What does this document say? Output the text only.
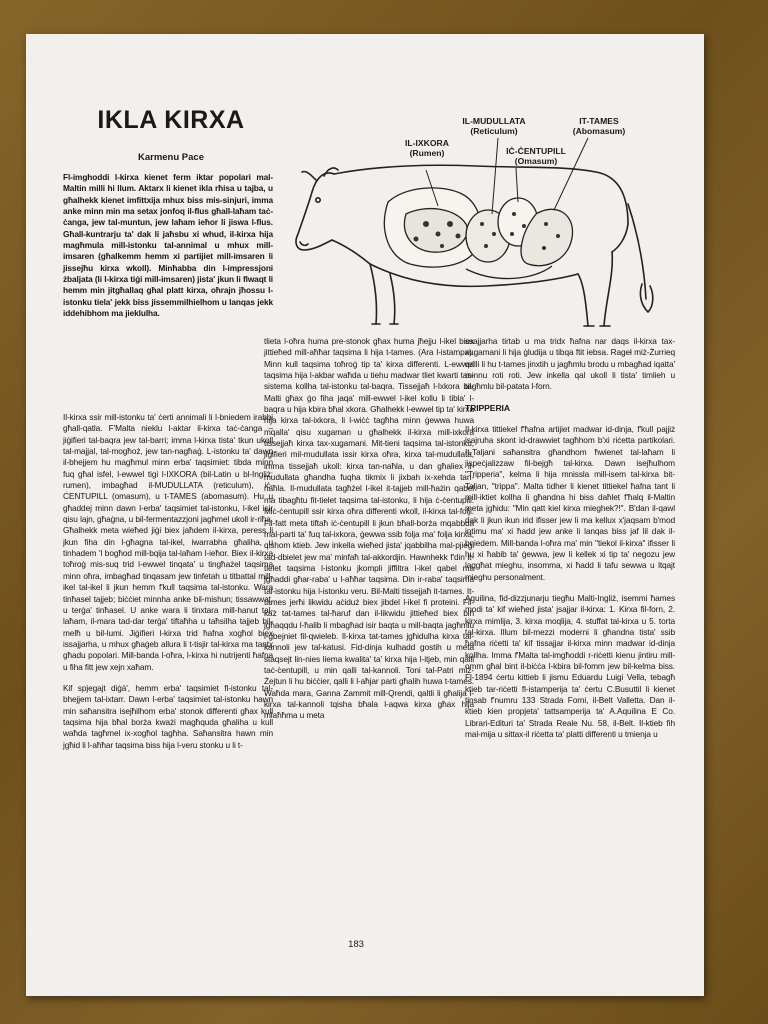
IKLA KIRXA
Karmenu Pace
Fl-imghoddi l-kirxa kienet ferm iktar popolari mal-Maltin milli hi llum. Aktarx li kienet ikla rħisa u tajba, u għalhekk kienet imfittxija mhux biss mis-sinjuri, imma anke minn min ma setax jonfoq il-flus għall-laħam taċ-ċanga, jew tal-muntun, jew laħam ieħor li jiswa l-flus. Għall-kuntrarju ta' dak li jaħsbu xi whud, il-kirxa hija magħmula mill-istonku tal-annimal u mhux mill-imsaren (għalkemm hemm xi partijiet mill-imsaren li jissejħu kirxa wkoll). Minħabba din l-impressjoni żbaljata (li l-kirxa tiġi mill-imsaren) jista' jkun li flwaqt li hemm min jitgħallaq għal platt kirxa, oħrajn jħossu l-istonku tiela' jekk biss jissemmilhielhom u lanqas jekk iddehibhom ma jieklulha.

Il-kirxa ssir mill-istonku ta' ċerti annimali li l-bniedem irabbi għall-qatla. F'Malta nieklu l-aktar il-kirxa taċ-ċanga – jiġifieri tal-baqra jew tal-barri; imma l-kirxa tista' tkun ukoll tal-majjal, tal-mogħoż, jew tan-nagħaġ. L-istonku ta' dawn il-bhejjem hu magħmul minn erba' taqsimiet: tibda minn fuq għal isfel, l-ewwel tigi l-IXKORA (bil-Latin u bl-Ingliż: rumen), imbagħad il-MUDULLATA (reticulum), iċ-ĊENTUPILL (omasum), u t-TAMES (abomasum). Hu u għaddej minn dawn l-erba' taqsimiet tal-istonku, l-ikel isir qisu lajn, għaġna, u bil-fermentazzjoni jagħmel ukoll ir-riħa. Għalhekk meta wieħed jiġi biex jaħdem il-kirxa, peress li jkun fiha din l-għagna tal-ikel, iwarrabha għaliha, u tinhadem 'l bogħod mill-bqija tal-laħam l-ieħor. Biex il-kirxa toħroġ mis-suq trid l-ewwel tinqata' u tingħażel taqsima minn oħra, imbagħad tinqasam jew tinfetah u titbattal mill-ikel tal-ikel li jkun hemm f'kull taqsima tal-istonku. Wara tinħasel tajjeb; biċċiet minnha anke bil-mishun; tissawwat, u terġa' tinħasel. U anke wara li tinxtara mill-hanut tal-laħam, il-mara tad-dar terġa' tiftaħha u taħsilha tajjeb bil-melħ u bil-lumi. Jiġifieri l-kirxa trid ħafna xogħol biex issajjarha, u mhux għaġeb allura li t-tisjir tal-kirxa ma tantx għadu popolari. Mill-banda l-oħra, l-kirxa hi nutrijenti ħafna u fiha fitt jew xejn xaħam.

Kif spjegajt diġà', hemm erba' taqsimiet fl-istonku tal-bhejjem tal-ixtarr. Dawn l-erba' taqsimiet tal-istonku hawn min saħansitra isejħilhom erba' stonok differenti għax kull taqsima hija bħal borża kważi magħquda għaliha u kull waħda tagħmel ix-xogħol tagħha. Saħansitra hawn min jgħid li l-aħħar taqsima biss hija l-veru stonku u li t-

IL-IXKORA
(Rumen)
IL-MUDULLATA
(Reticulum)
IĊ-ĊENTUPILL
(Omasum)
IT-TAMES
(Abomasum)

tlieta l-oħra huma pre-stonok għax huma jħejju l-ikel biex jittieħed mill-aħħar taqsima li hija t-tames. (Ara l-istampa). Minn kull taqsima toħroġ tip ta' kirxa differenti. L-ewwel taqsima hija l-akbar waħda u tiehu madwar tliet kwarti tas-sistema kollha tal-istonku tal-baqra. Tissejjaħ l-Ixkora bil-Malti għax ġo fiha jaqa' mill-ewwel l-ikel kollu li tibla' l-baqra u hija kbira bħal xkora. Għalhekk l-ewwel tip ta' kirxa hija kirxa tal-ixkora, li l-wiċċ tagħha minn ġewwa huwa mqalla' qisu xugaman u għalhekk il-kirxa mill-ixkora tissejjaħ kirxa tax-xugamani. Mit-tieni taqsima tal-istonku, jiġifieri mil-mudullata issir kirxa oħra, kirxa tal-mudullata, imma tissejjaħ ukoll: kirxa tan-naħla, u dan għaliex il-mudullata għandha fuqha tikmix li jixbah ix-xehda tan-naħla. Il-mudullata tagħżel l-ikel it-tajjeb mill-ħażin qabel ma tibagħtu fit-tielet taqsima tal-istonku, li hija ċ-ċentupill. Miċ-ċentupill ssir kirxa oħra differenti wkoll, il-kirxa tal-folji. Fil-fatt meta tiftaħ iċ-ċentupill li jkun bħall-borża mqabbda mal-parti ta' fuq tal-ixkora, ġewwa ssib folja ma' folja kirxa, qishom ktieb. Jew inkella wieħed jista' jqabbilha mal-pjiegi tad-dbielet jew ma' minfaħ tal-akkordjin. Hawnhekk f'din it-tielet taqsima l-istonku jkompli jiffiltra l-ikel qabel ma jgħaddi għar-raba' u l-aħħar taqsima. Din ir-raba' taqsima tal-istonku hija l-istonku veru. Bil-Malti tissejjaħ it-tames. It-tames jerħi likwidu aċiduż biex jibdel l-ikel fi proteini. Fil-każ tat-tames tal-ħaruf dan il-likwidu jittieħed biex bih jgħaqqdu l-ħalib li mbagħad isir baqta u mill-baqta jagħmlu l-ġbejniet fil-qwieleb. Il-kirxa tat-tames jgħidulha kirxa tal-kannoli jew tal-katusi. Fid-dinja kulhadd gostih u meta staqsejt lin-nies liema kwalita' ta' kirxa hija l-itjeb, min qalli taċ-ċentupill, u min qalli tal-kannoli. Toni tal-Patri miż-Żejtun li hu biċċier, qalli li l-aħjar parti għalih huwa t-tames. Waħda mara, Ganna Zammit mill-Qrendi, qaltli li għalija l-kirxa tal-kannoli tqisha bħala l-aqwa kirxa għax hija mlaħħma u meta

ssajjarha tirtab u ma tridx ħafna nar daqs il-kirxa tax-xugamani li hija ġludija u tibqa ftit iebsa. Rageł miż-Żurrieq qalli li hu t-tames jinxtih u jagħmlu brodu u mbagħad iqatta' minnu roti roti. Jew inkella qal ukoll li tista' timlieh u tagħmlu bil-patata l-forn.

TRIPPERIA

Il-kirxa tittiekel f'ħafna artijiet madwar id-dinja, f'kull pajjiż isajruha skont id-drawwiet tagħhom b'xi riċetta partikolari. It-Taljani saħansitra għandhom ħwienet tal-laħam li jispeċjalizzaw fil-bejgħ tal-kirxa. Dawn isejħulhom "Tripperia", kelma li hija mnissla mill-isem tal-kirxa bit-Taljan, "trippa". Malta tidher li kienet tittiekel ħafna tant li mill-iktiet kollha li għandna hi biss daħlet f'ħalq il-Maltin meta jgħidu: "Min qatt kiel kirxa mieghek?!". B'dan il-qawl dak li jkun ikun irid ifisser jew li ma kellux x'jaqsam b'mod intimu ma' xi ħadd jew anke li lanqas biss jaf lil dak il-bniedem. Mill-banda l-oħra ma' min "tiekol il-kirxa" ifisser li hu xi ħabib ta' ġewwa, jew li kellek xi tip ta' negozu jew laqgħat mieghu, insomma, xi ħadd li tafu sewwa u ltqajt mieghu personalment.

Aquilina, fid-dizzjunarju tiegħu Malti-Ingliż, isemmi ħames modi ta' kif wieħed jista' jsajjar il-kirxa: 1. Kirxa fil-forn, 2. kirxa mimlija, 3. kirxa moqlija, 4. stuffat tal-kirxa u 5. torta tal-kirxa. Illum bil-mezzi moderni li għandna tista' ssib ħafna riċetti ta' kif tissajjar il-kirxa minn madwar id-dinja kollha. Imma f'Malta tal-imgħoddi r-riċetti kienu jintiru mill-omm għal bint il-biċċa l-kbira bil-fomm jew bil-kelma biss. Fl-1894 ċertu kittieb li jismu Eduardu Luigi Vella, tebagħ ktieb tar-riċetti fl-istamperija ta' ċertu C.Busuttil li kienet tinsab f'numru 133 Strada Forni, il-Belt Valletta. Dan il-ktieb kien propjeta' tattsamperija ta' A.Aquilina E Co. Librari-Edituri ta' Strada Reale Nu. 58, il-Belt. Il-ktieb fih mal-mija u sittax-il riċetta ta' platti differenti u tmienja u

183
